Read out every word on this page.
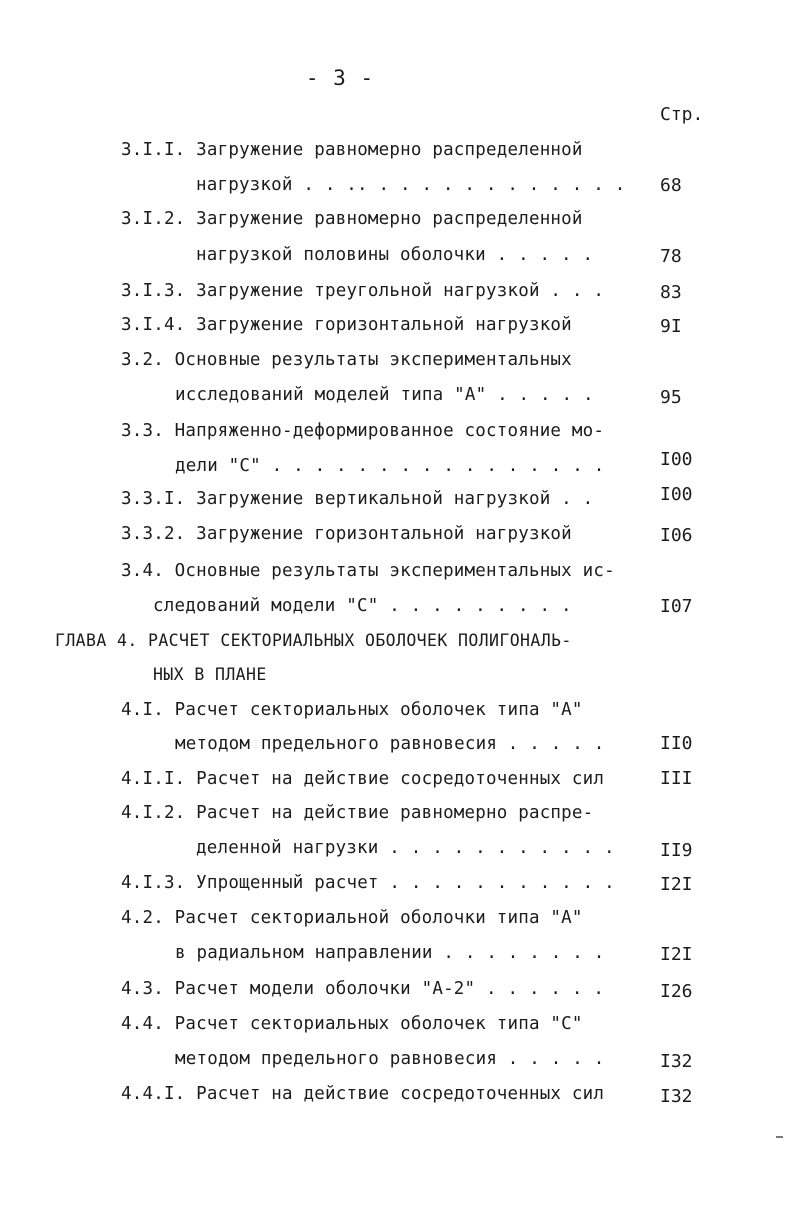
- 3 -
Стр.
3.I.I. Загружение равномерно распределенной
нагрузкой . . .. . . . . . . . . . . . . 68
3.I.2. Загружение равномерно распределенной
нагрузкой половины оболочки . . . . .	78
3.I.3. Загружение треугольной нагрузкой . . .	83
3.I.4. Загружение горизонтальной нагрузкой	9I
3.2. Основные результаты экспериментальных
исследований моделей типа "А" . . . . .	95
3.3. Напряженно-деформированное состояние мо-
дели "С" . . . . . . . . . . . . . . . .	I00
3.3.I. Загружение вертикальной нагрузкой . .	I00
3.3.2. Загружение горизонтальной нагрузкой	I06
3.4. Основные результаты экспериментальных ис-
следований модели "С" . . . . . . . . .	I07
ГЛАВА 4. РАСЧЕТ СЕКТОРИАЛЬНЫХ ОБОЛОЧЕК ПОЛИГОНАЛЬ-
НЫХ В ПЛАНЕ
4.I. Расчет секториальных оболочек типа "А"
методом предельного равновесия . . . . .	II0
4.I.I. Расчет на действие сосредоточенных сил	III
4.I.2. Расчет на действие равномерно распре-
деленной нагрузки . . . . . . . . . . .	II9
4.I.3. Упрощенный расчет . . . . . . . . . . .	I2I
4.2. Расчет секториальной оболочки типа "А"
в радиальном направлении . . . . . . . .	I2I
4.3. Расчет модели оболочки "А-2" . . . . . .	I26
4.4. Расчет секториальных оболочек типа "С"
методом предельного равновесия . . . . .	I32
4.4.I. Расчет на действие сосредоточенных сил	I32
